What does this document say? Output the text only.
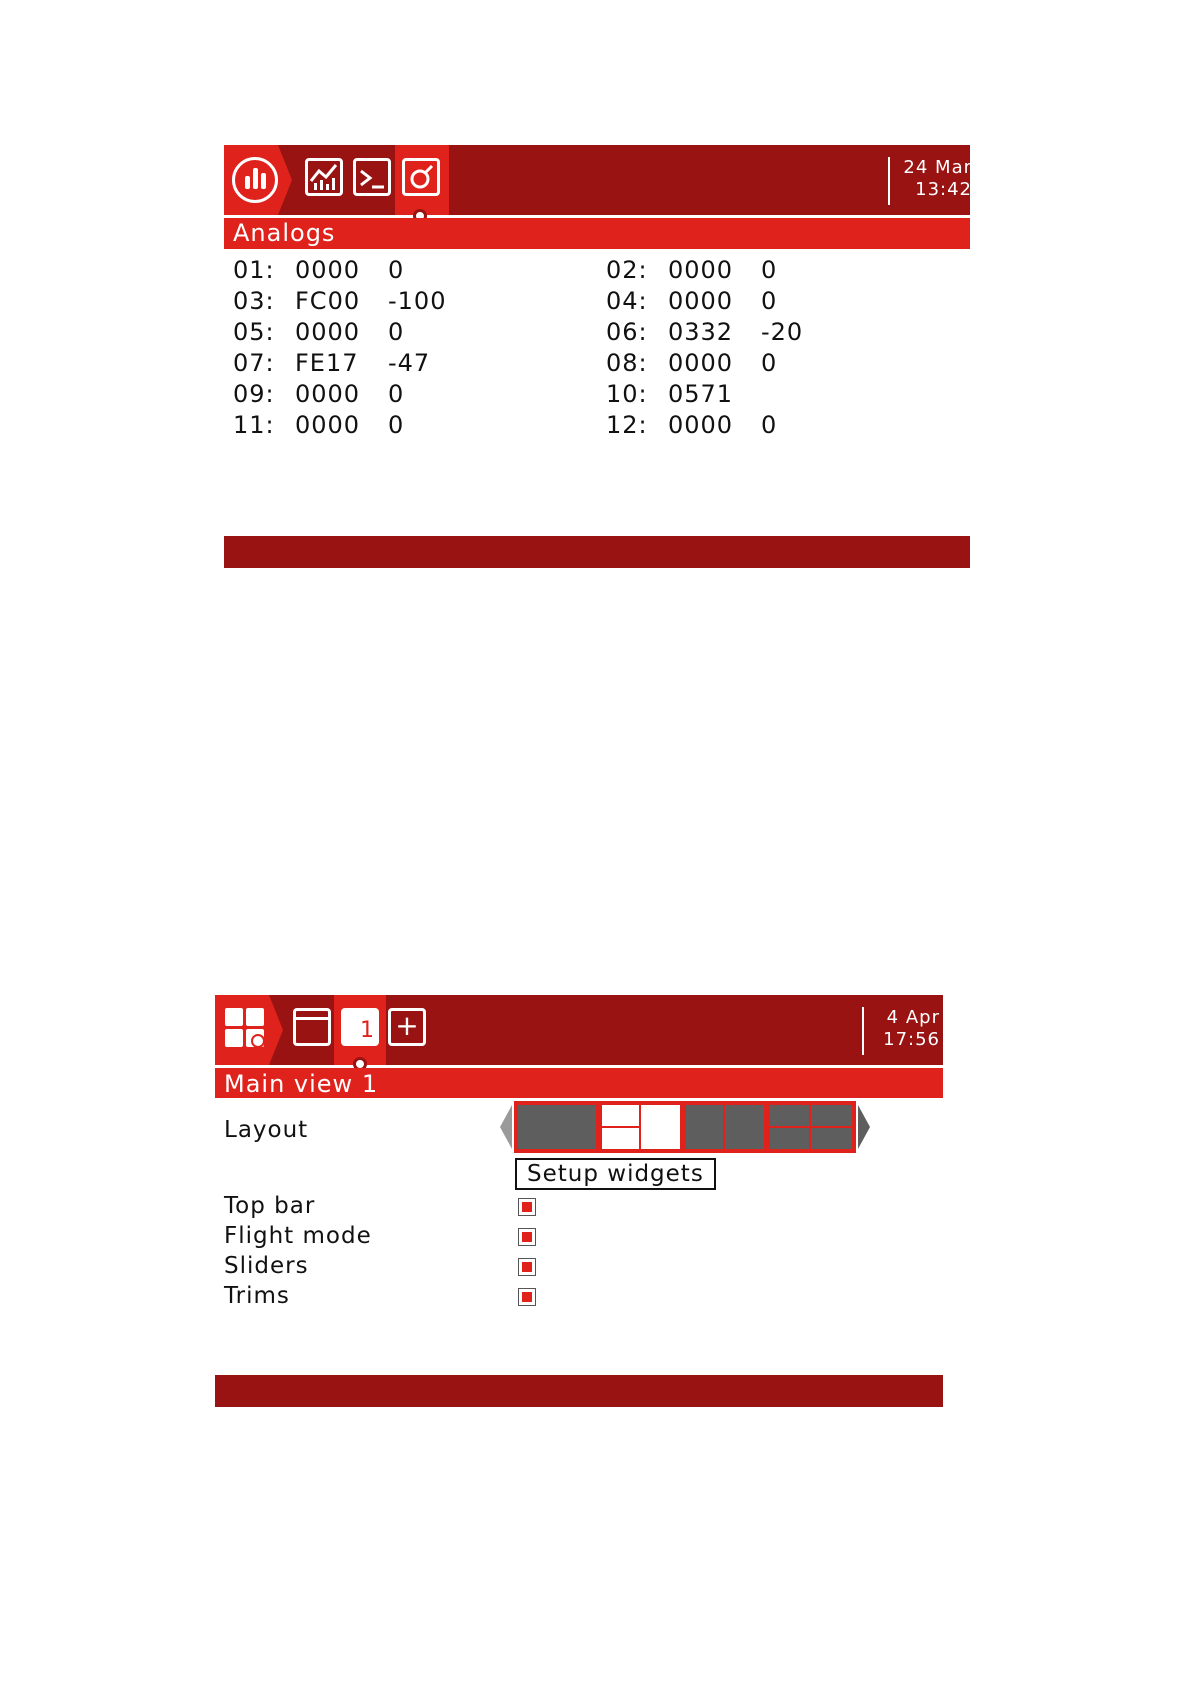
24 Mar
13:42
Analogs
01: 0000 0
03: FC00 -100
05: 0000 0
07: FE17 -47
09: 0000 0
11: 0000 0
02: 0000 0
04: 0000 0
06: 0332 -20
08: 0000 0
10: 0571
12: 0000 0
1 +	4 Apr
17:56
Main view 1
Layout
Setup widgets
Top bar
Flight mode
Sliders
Trims
